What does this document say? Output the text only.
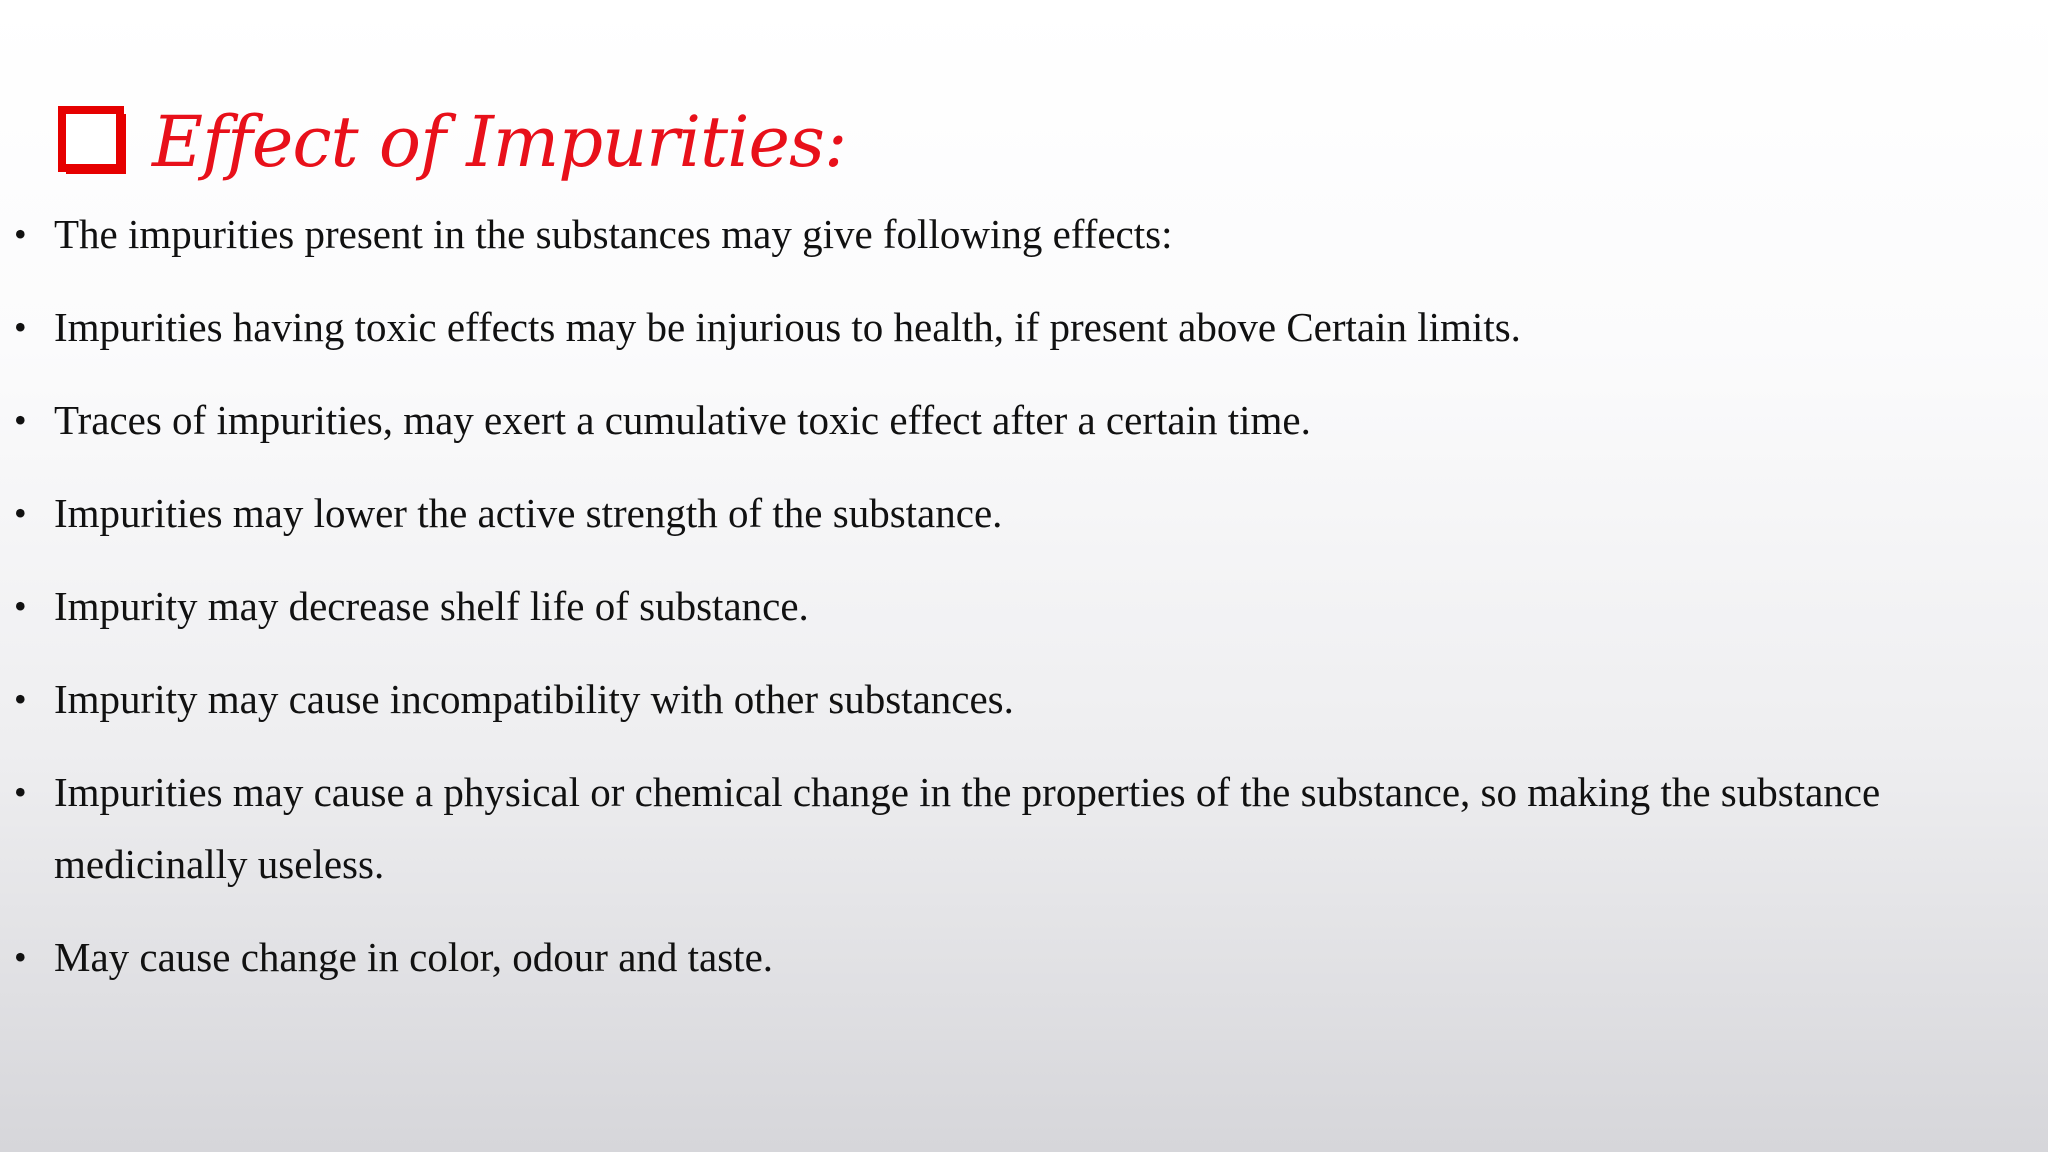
Effect of Impurities:
• The impurities present in the substances may give following effects:
• Impurities having toxic effects may be injurious to health, if present above Certain limits.
• Traces of impurities, may exert a cumulative toxic effect after a certain time.
• Impurities may lower the active strength of the substance.
• Impurity may decrease shelf life of substance.
• Impurity may cause incompatibility with other substances.
• Impurities may cause a physical or chemical change in the properties of the substance, so making the substance medicinally useless.
• May cause change in color, odour and taste.
